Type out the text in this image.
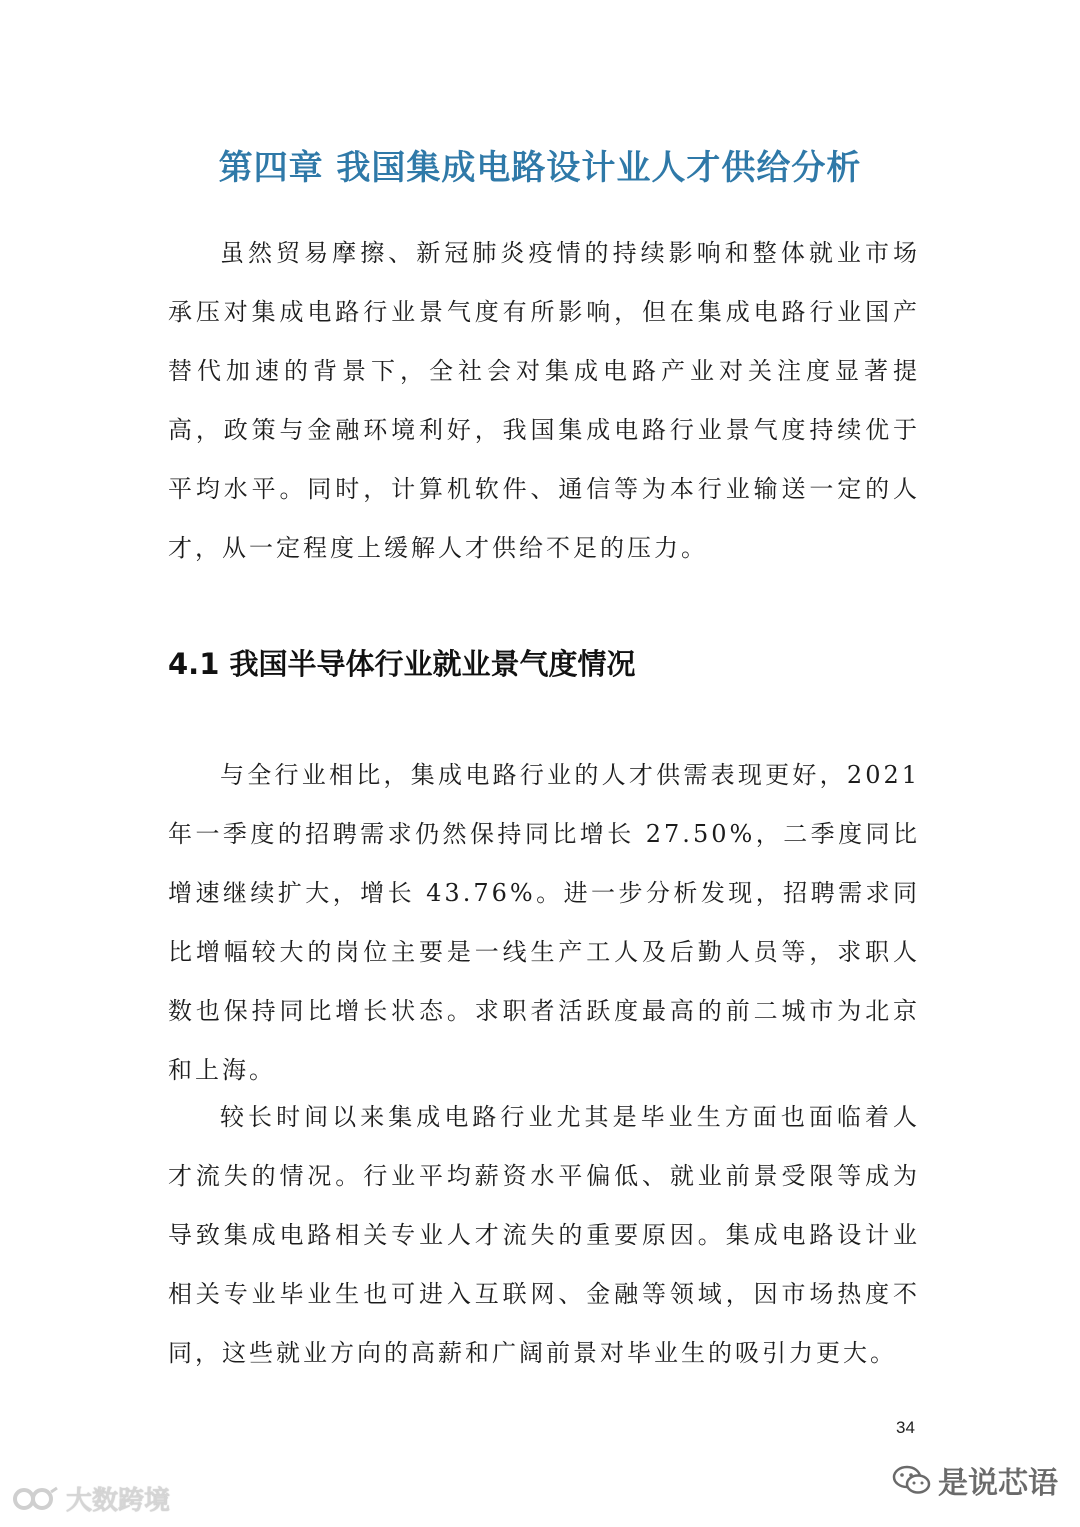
第四章 我国集成电路设计业人才供给分析

虽然贸易摩擦、新冠肺炎疫情的持续影响和整体就业市场承压对集成电路行业景气度有所影响，但在集成电路行业国产替代加速的背景下，全社会对集成电路产业对关注度显著提高，政策与金融环境利好，我国集成电路行业景气度持续优于平均水平。同时，计算机软件、通信等为本行业输送一定的人才，从一定程度上缓解人才供给不足的压力。

4.1 我国半导体行业就业景气度情况

与全行业相比，集成电路行业的人才供需表现更好，2021 年一季度的招聘需求仍然保持同比增长 27.50%，二季度同比增速继续扩大，增长 43.76%。进一步分析发现，招聘需求同比增幅较大的岗位主要是一线生产工人及后勤人员等，求职人数也保持同比增长状态。求职者活跃度最高的前二城市为北京和上海。

较长时间以来集成电路行业尤其是毕业生方面也面临着人才流失的情况。行业平均薪资水平偏低、就业前景受限等成为导致集成电路相关专业人才流失的重要原因。集成电路设计业相关专业毕业生也可进入互联网、金融等领域，因市场热度不同，这些就业方向的高薪和广阔前景对毕业生的吸引力更大。

34
大数跨境	是说芯语
